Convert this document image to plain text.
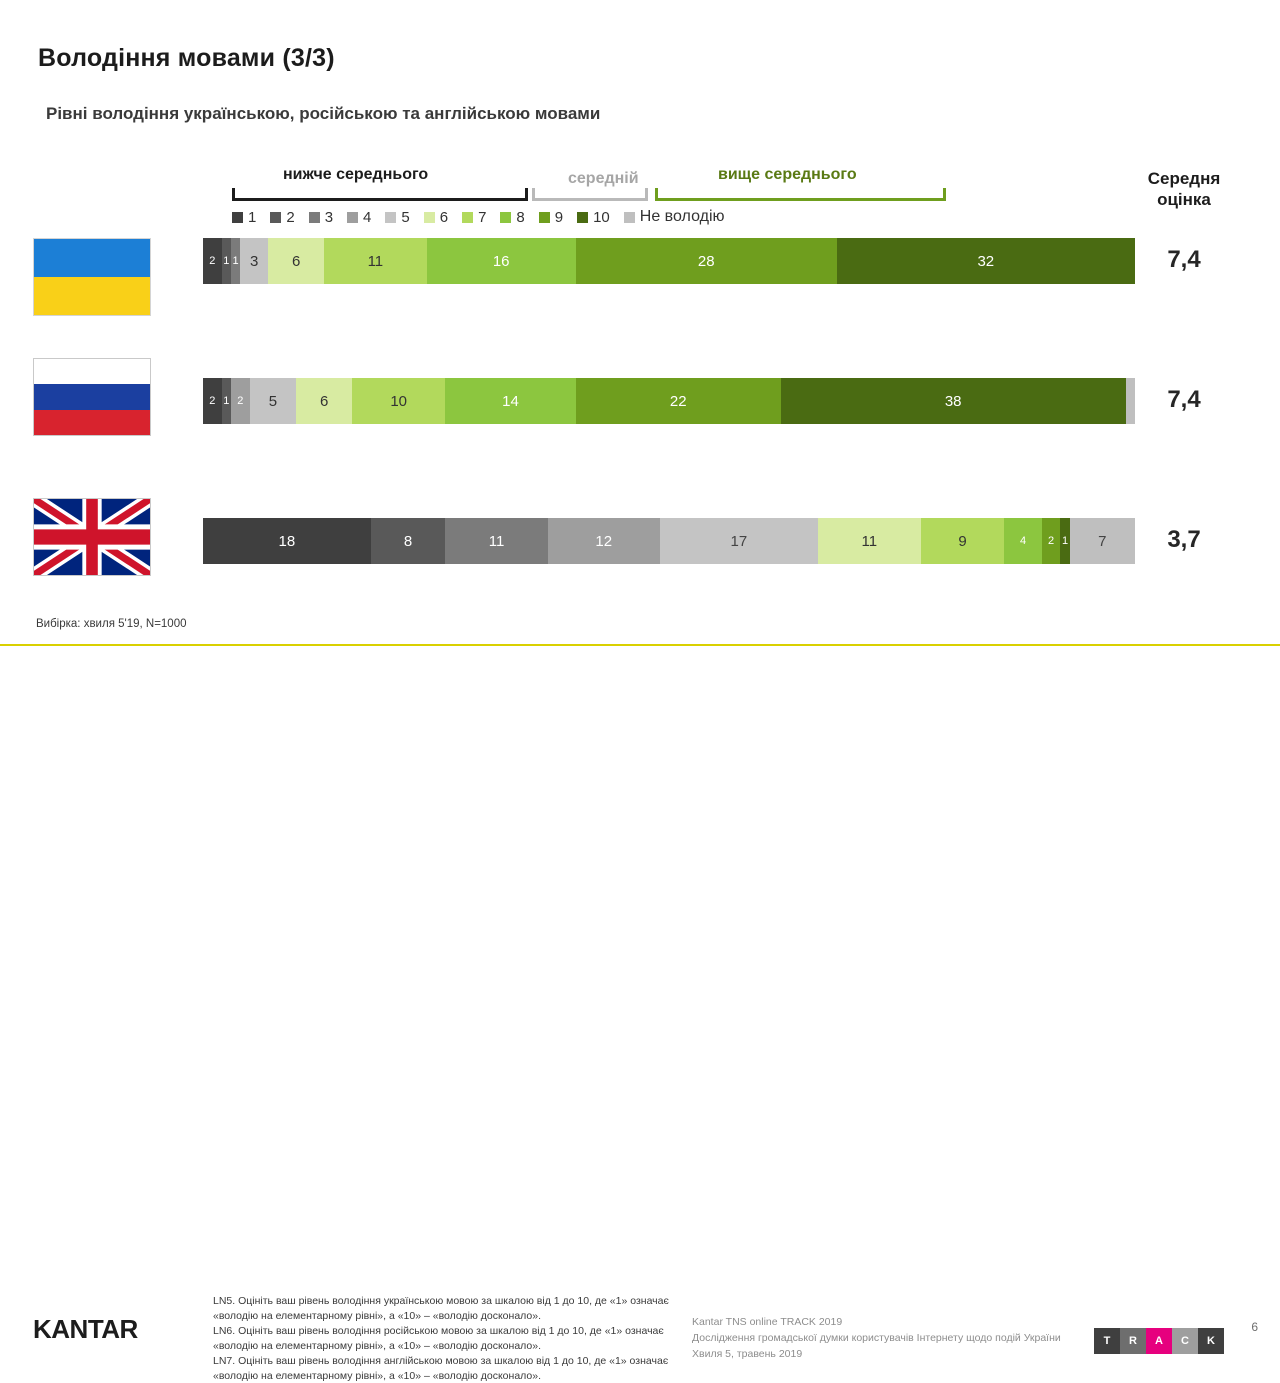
Володіння мовами (3/3)
Рівні володіння українською, російською та англійською мовами
нижче середнього	середній	вище середнього
1 2 3 4 5 6 7 8 9 10 Не володію
Середня
оцінка
2 1 1 3	6	11	16	28	32	7,4
2 1 2	5	6	10	14	22	38	7,4
18	8	11	12	17	11	9	4	2 1	7	3,7
Вибірка: хвиля 5'19, N=1000
KANTAR
LN5. Оцініть ваш рівень володіння українською мовою за шкалою від 1 до 10, де «1» означає «володію на елементарному рівні», а «10» – «володію досконало».
LN6. Оцініть ваш рівень володіння російською мовою за шкалою від 1 до 10, де «1» означає «володію на елементарному рівні», а «10» – «володію досконало».
LN7. Оцініть ваш рівень володіння англійською мовою за шкалою від 1 до 10, де «1» означає «володію на елементарному рівні», а «10» – «володію досконало».
Kantar TNS online TRACK 2019
Дослідження громадської думки користувачів Інтернету щодо подій України
Хвиля 5, травень 2019
T	R	A	C	K
6
